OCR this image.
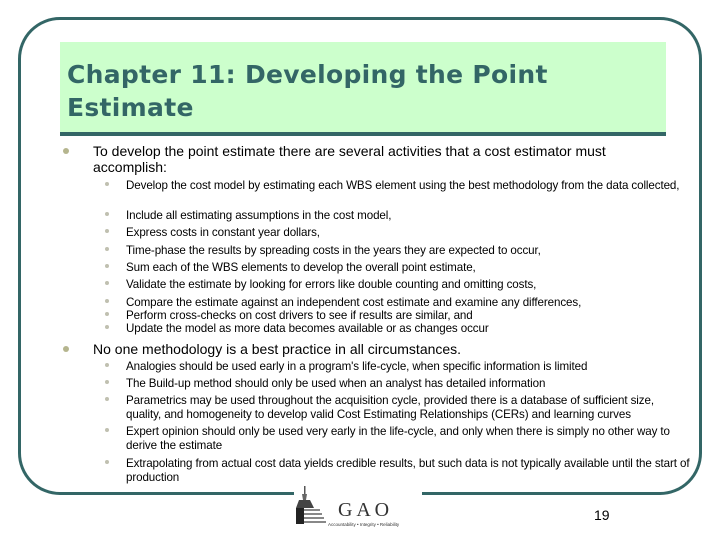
Chapter 11: Developing the Point Estimate
To develop the point estimate there are several activities that a cost estimator must accomplish:
Develop the cost model by estimating each WBS element using the best methodology from the data collected,
Include all estimating assumptions in the cost model,
Express costs in constant year dollars,
Time-phase the results by spreading costs in the years they are expected to occur,
Sum each of the WBS elements to develop the overall point estimate,
Validate the estimate by looking for errors like double counting and omitting costs,
Compare the estimate against an independent cost estimate and examine any differences,
Perform cross-checks on cost drivers to see if results are similar, and
Update the model as more data becomes available or as changes occur
No one methodology is a best practice in all circumstances.
Analogies should be used early in a program's life-cycle, when specific information is limited
The Build-up method should only be used when an analyst has detailed information
Parametrics may be used throughout the acquisition cycle, provided there is a database of sufficient size, quality, and homogeneity to develop valid Cost Estimating Relationships (CERs) and learning curves
Expert opinion should only be used very early in the life-cycle, and only when there is simply no other way to derive the estimate
Extrapolating from actual cost data yields credible results, but such data is not typically available until the start of production
G A O
Accountability • Integrity • Reliability
19
